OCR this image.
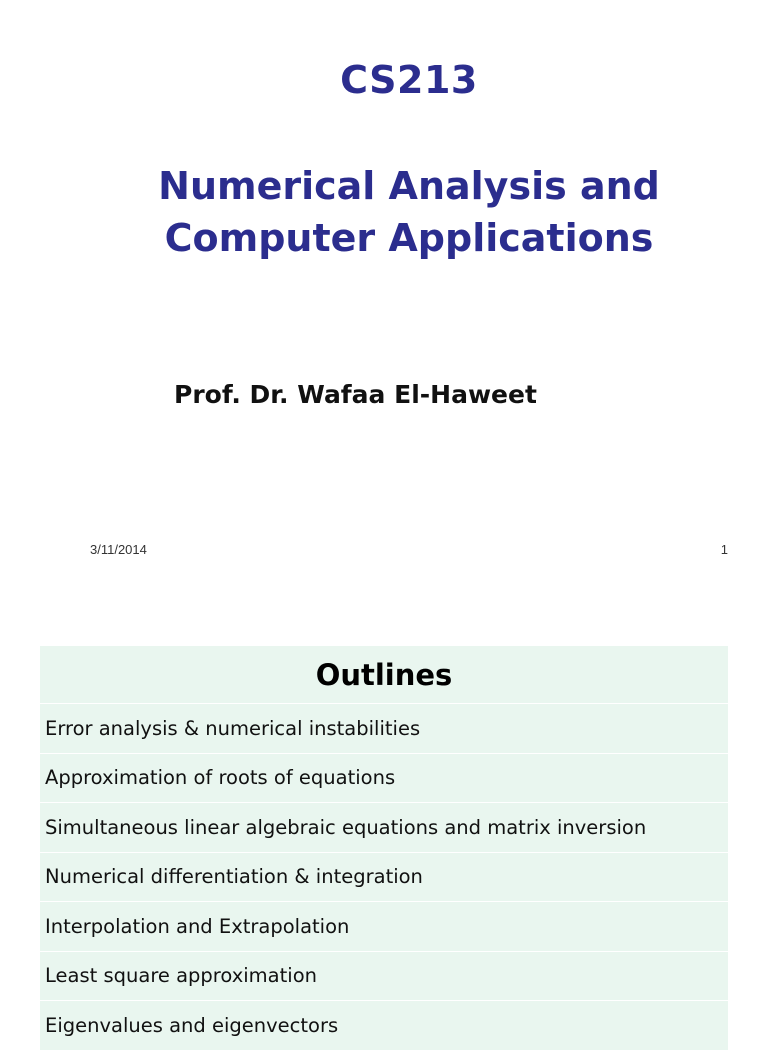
CS213
Numerical Analysis and
Computer Applications
Prof. Dr. Wafaa El-Haweet
3/11/2014	1
Outlines
Error analysis & numerical instabilities
Approximation of roots of equations
Simultaneous linear algebraic equations and matrix inversion
Numerical differentiation & integration
Interpolation and Extrapolation
Least square approximation
Eigenvalues and eigenvectors
